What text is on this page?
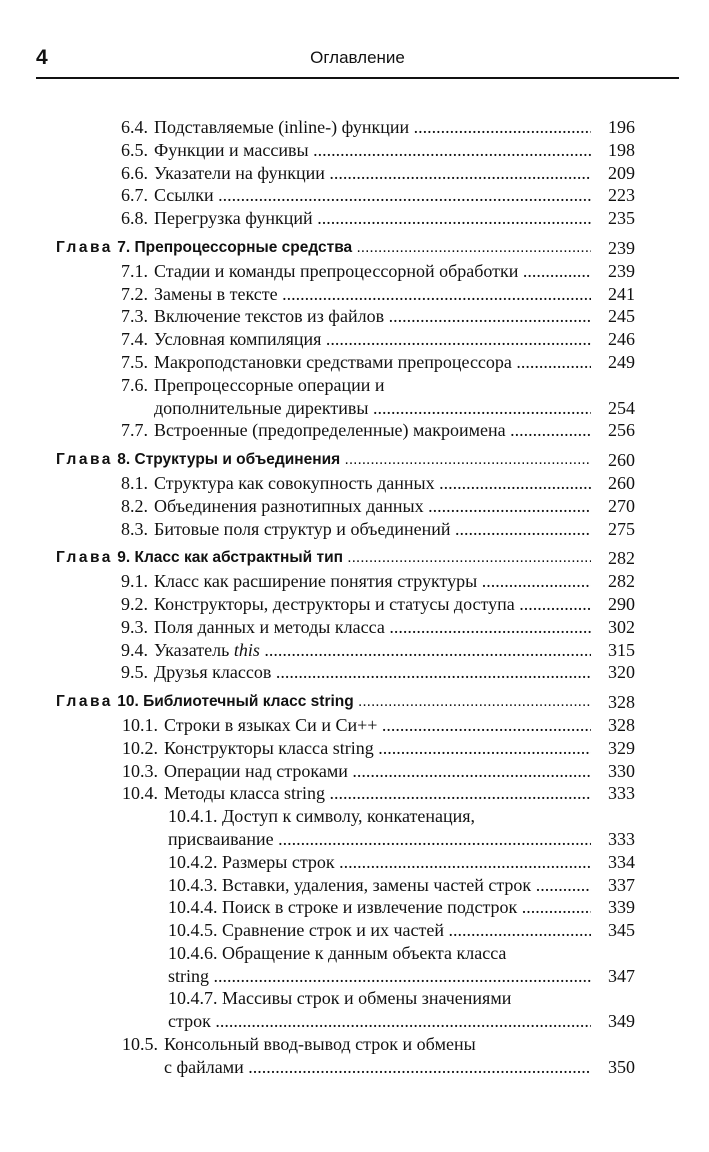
4	Оглавление
6.4. Подставляемые (inline-) функции .....	196
6.5. Функции и массивы .....	198
6.6. Указатели на функции .....	209
6.7. Ссылки .....	223
6.8. Перегрузка функций .....	235
Глава 7. Препроцессорные средства .....	239
7.1. Стадии и команды препроцессорной обработки .....	239
7.2. Замены в тексте .....	241
7.3. Включение текстов из файлов .....	245
7.4. Условная компиляция .....	246
7.5. Макроподстановки средствами препроцессора .....	249
7.6. Препроцессорные операции и
дополнительные директивы .....	254
7.7. Встроенные (предопределенные) макроимена .....	256
Глава 8. Структуры и объединения .....	260
8.1. Структура как совокупность данных .....	260
8.2. Объединения разнотипных данных .....	270
8.3. Битовые поля структур и объединений .....	275
Глава 9. Класс как абстрактный тип .....	282
9.1. Класс как расширение понятия структуры .....	282
9.2. Конструкторы, деструкторы и статусы доступа .....	290
9.3. Поля данных и методы класса .....	302
9.4. Указатель this .....	315
9.5. Друзья классов .....	320
Глава 10. Библиотечный класс string .....	328
10.1. Строки в языках Си и Си++ .....	328
10.2. Конструкторы класса string .....	329
10.3. Операции над строками .....	330
10.4. Методы класса string .....	333
10.4.1. Доступ к символу, конкатенация,
присваивание .....	333
10.4.2. Размеры строк .....	334
10.4.3. Вставки, удаления, замены частей строк .....	337
10.4.4. Поиск в строке и извлечение подстрок .....	339
10.4.5. Сравнение строк и их частей .....	345
10.4.6. Обращение к данным объекта класса
string .....	347
10.4.7. Массивы строк и обмены значениями
строк .....	349
10.5. Консольный ввод-вывод строк и обмены
с файлами .....	350
